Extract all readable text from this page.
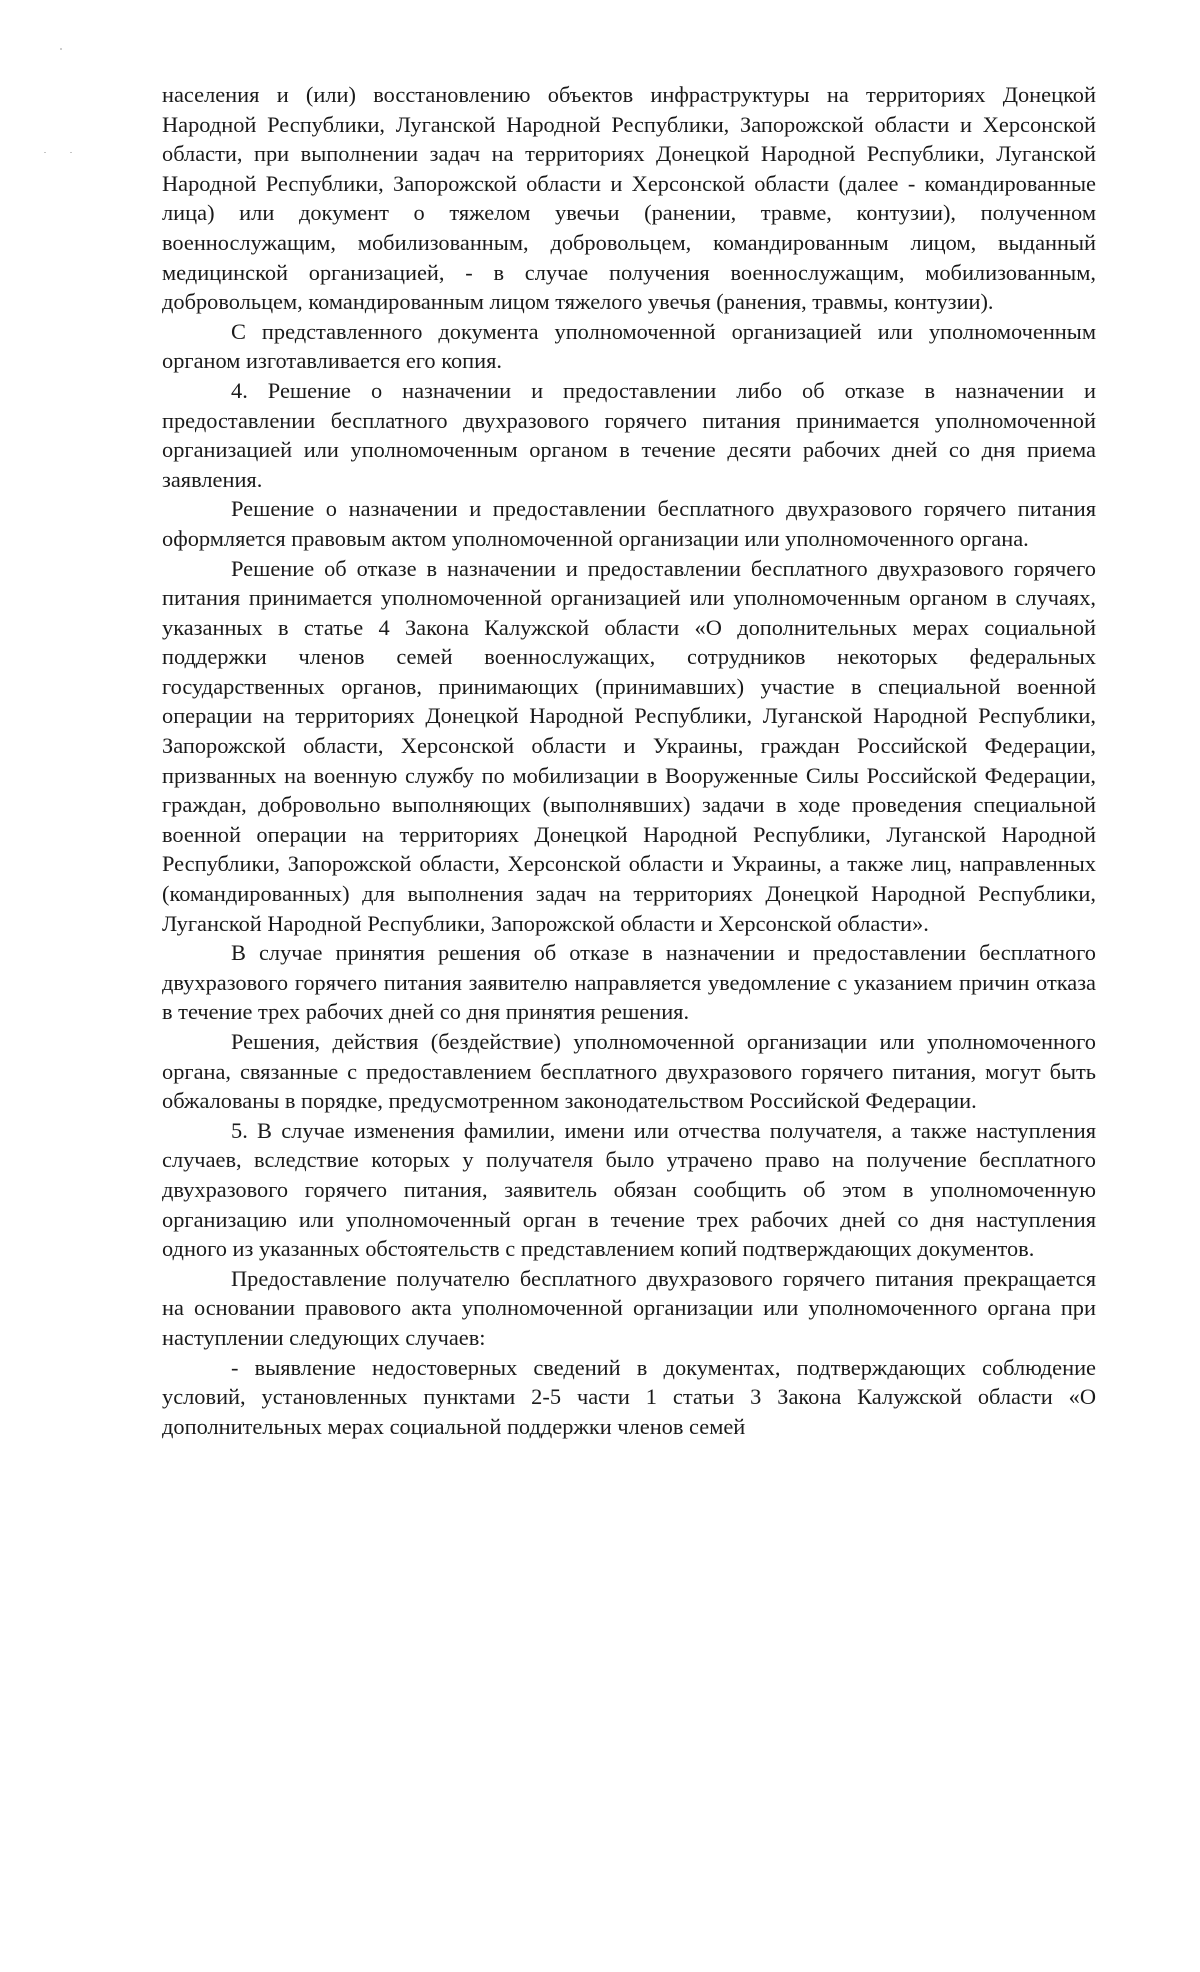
населения и (или) восстановлению объектов инфраструктуры на территориях Донецкой Народной Республики, Луганской Народной Республики, Запорожской области и Херсонской области, при выполнении задач на территориях Донецкой Народной Республики, Луганской Народной Республики, Запорожской области и Херсонской области (далее - командированные лица) или документ о тяжелом увечьи (ранении, травме, контузии), полученном военнослужащим, мобилизованным, добровольцем, командированным лицом, выданный медицинской организацией, - в случае получения военнослужащим, мобилизованным, добровольцем, командированным лицом тяжелого увечья (ранения, травмы, контузии).

С представленного документа уполномоченной организацией или уполномоченным органом изготавливается его копия.

4. Решение о назначении и предоставлении либо об отказе в назначении и предоставлении бесплатного двухразового горячего питания принимается уполномоченной организацией или уполномоченным органом в течение десяти рабочих дней со дня приема заявления.

Решение о назначении и предоставлении бесплатного двухразового горячего питания оформляется правовым актом уполномоченной организации или уполномоченного органа.

Решение об отказе в назначении и предоставлении бесплатного двухразового горячего питания принимается уполномоченной организацией или уполномоченным органом в случаях, указанных в статье 4 Закона Калужской области «О дополнительных мерах социальной поддержки членов семей военнослужащих, сотрудников некоторых федеральных государственных органов, принимающих (принимавших) участие в специальной военной операции на территориях Донецкой Народной Республики, Луганской Народной Республики, Запорожской области, Херсонской области и Украины, граждан Российской Федерации, призванных на военную службу по мобилизации в Вооруженные Силы Российской Федерации, граждан, добровольно выполняющих (выполнявших) задачи в ходе проведения специальной военной операции на территориях Донецкой Народной Республики, Луганской Народной Республики, Запорожской области, Херсонской области и Украины, а также лиц, направленных (командированных) для выполнения задач на территориях Донецкой Народной Республики, Луганской Народной Республики, Запорожской области и Херсонской области».

В случае принятия решения об отказе в назначении и предоставлении бесплатного двухразового горячего питания заявителю направляется уведомление с указанием причин отказа в течение трех рабочих дней со дня принятия решения.

Решения, действия (бездействие) уполномоченной организации или уполномоченного органа, связанные с предоставлением бесплатного двухразового горячего питания, могут быть обжалованы в порядке, предусмотренном законодательством Российской Федерации.

5. В случае изменения фамилии, имени или отчества получателя, а также наступления случаев, вследствие которых у получателя было утрачено право на получение бесплатного двухразового горячего питания, заявитель обязан сообщить об этом в уполномоченную организацию или уполномоченный орган в течение трех рабочих дней со дня наступления одного из указанных обстоятельств с представлением копий подтверждающих документов.

Предоставление получателю бесплатного двухразового горячего питания прекращается на основании правового акта уполномоченной организации или уполномоченного органа при наступлении следующих случаев:

- выявление недостоверных сведений в документах, подтверждающих соблюдение условий, установленных пунктами 2-5 части 1 статьи 3 Закона Калужской области «О дополнительных мерах социальной поддержки членов семей
